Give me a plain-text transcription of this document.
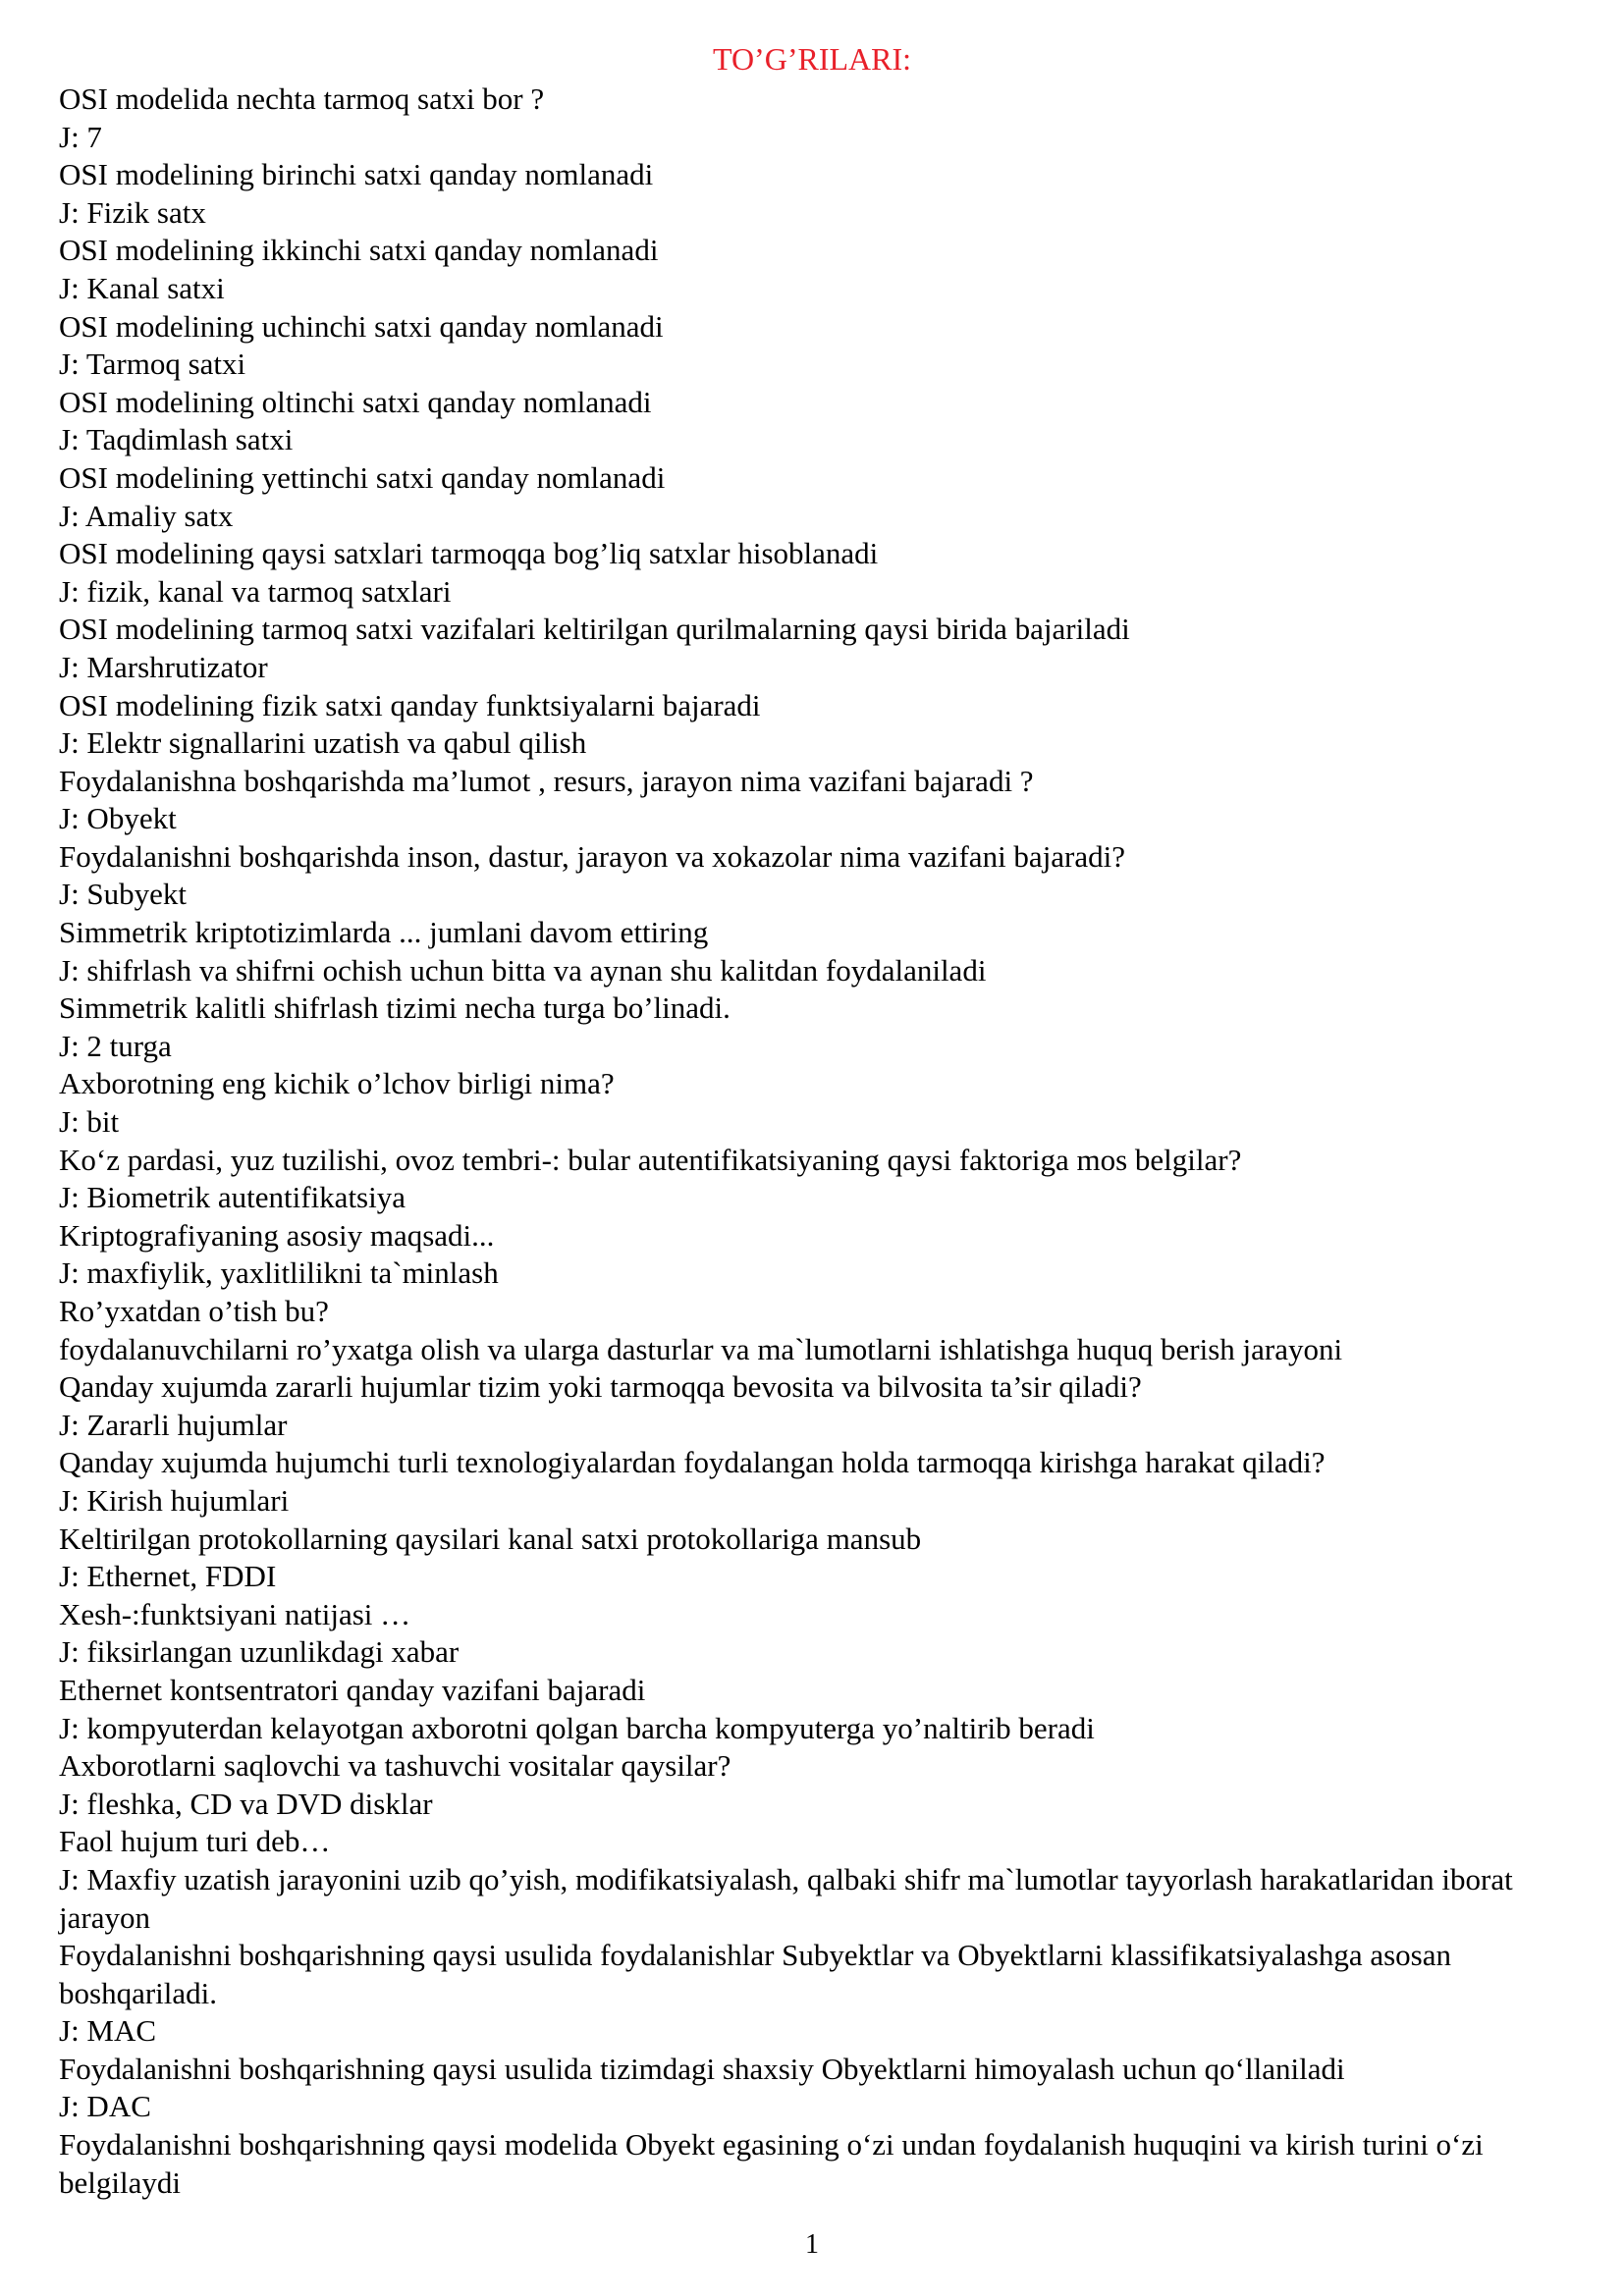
TO’G’RILARI:

OSI modelida nechta tarmoq satxi bor ?

J: 7

OSI modelining birinchi satxi qanday nomlanadi

J: Fizik satx

OSI modelining ikkinchi satxi qanday nomlanadi

J: Kanal satxi

OSI modelining uchinchi satxi qanday nomlanadi

J: Tarmoq satxi

OSI modelining oltinchi satxi qanday nomlanadi

J: Taqdimlash satxi

OSI modelining yettinchi satxi qanday nomlanadi

J: Amaliy satx

OSI modelining qaysi satxlari tarmoqqa bog’liq satxlar hisoblanadi

J: fizik, kanal va tarmoq satxlari

OSI modelining tarmoq satxi vazifalari keltirilgan qurilmalarning qaysi birida bajariladi

J: Marshrutizator

OSI modelining fizik satxi qanday funktsiyalarni bajaradi

J: Elektr signallarini uzatish va qabul qilish

Foydalanishna boshqarishda ma’lumot , resurs, jarayon nima vazifani bajaradi ?

J: Obyekt

Foydalanishni boshqarishda inson, dastur, jarayon va xokazolar nima vazifani bajaradi?

J: Subyekt

Simmetrik kriptotizimlarda ... jumlani davom ettiring

J: shifrlash va shifrni ochish uchun bitta va aynan shu kalitdan foydalaniladi

Simmetrik kalitli shifrlash tizimi necha turga bo’linadi.

J: 2 turga

Axborotning eng kichik o’lchov birligi nima?

J: bit

Ko‘z pardasi, yuz tuzilishi, ovoz tembri-: bular autentifikatsiyaning qaysi faktoriga mos belgilar?

J: Biometrik autentifikatsiya

Kriptografiyaning asosiy maqsadi...

J: maxfiylik, yaxlitlilikni ta`minlash

Ro’yxatdan o’tish bu?

foydalanuvchilarni ro’yxatga olish va ularga dasturlar va ma`lumotlarni ishlatishga huquq berish jarayoni

Qanday xujumda zararli hujumlar tizim yoki tarmoqqa bevosita va bilvosita ta’sir qiladi?

J: Zararli hujumlar

Qanday xujumda hujumchi turli texnologiyalardan foydalangan holda tarmoqqa kirishga harakat qiladi?

J: Kirish hujumlari

Keltirilgan protokollarning qaysilari kanal satxi protokollariga mansub

J: Ethernet, FDDI

Xesh-:funktsiyani natijasi …

J: fiksirlangan uzunlikdagi xabar

Ethernet kontsentratori qanday vazifani bajaradi

J: kompyuterdan kelayotgan axborotni qolgan barcha kompyuterga yo’naltirib beradi

Axborotlarni saqlovchi va tashuvchi vositalar qaysilar?

J: fleshka, CD va DVD disklar

Faol hujum turi deb…

J: Maxfiy uzatish jarayonini uzib qo’yish, modifikatsiyalash, qalbaki shifr ma`lumotlar tayyorlash harakatlaridan iborat jarayon

Foydalanishni boshqarishning qaysi usulida foydalanishlar Subyektlar va Obyektlarni klassifikatsiyalashga asosan boshqariladi.

J: MAC

Foydalanishni boshqarishning qaysi usulida tizimdagi shaxsiy Obyektlarni himoyalash uchun qo‘llaniladi

J: DAC

Foydalanishni boshqarishning qaysi modelida Obyekt egasining o‘zi undan foydalanish huquqini va kirish turini o‘zi belgilaydi

1
